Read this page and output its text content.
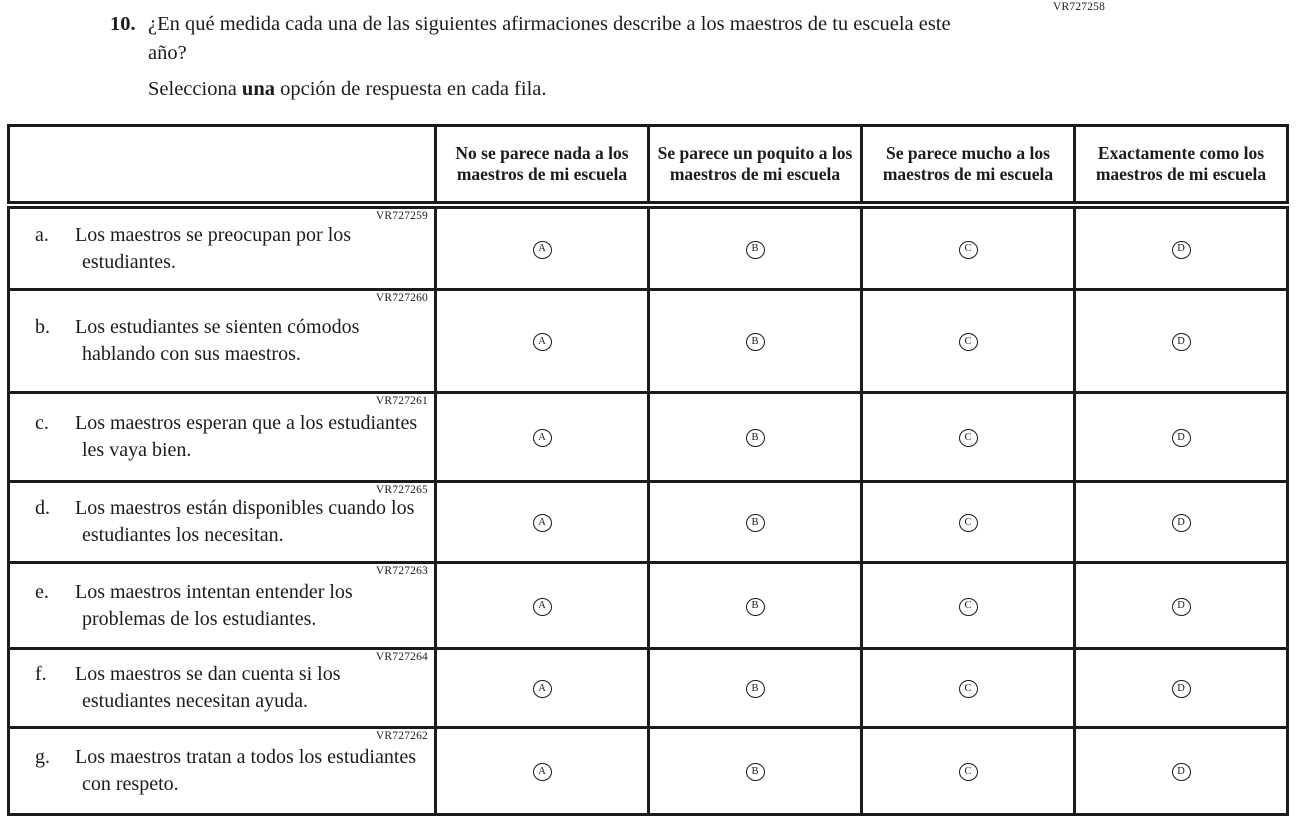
VR727258
10. ¿En qué medida cada una de las siguientes afirmaciones describe a los maestros de tu escuela este año?
Selecciona una opción de respuesta en cada fila.
	No se parece nada a los maestros de mi escuela	Se parece un poquito a los maestros de mi escuela	Se parece mucho a los maestros de mi escuela	Exactamente como los maestros de mi escuela

VR727259

a. Los maestros se preocupan por los estudiantes.	A	B	C	D

VR727260

b. Los estudiantes se sienten cómodos hablando con sus maestros.	A	B	C	D

VR727261

c. Los maestros esperan que a los estudiantes les vaya bien.	A	B	C	D

VR727265

d. Los maestros están disponibles cuando los estudiantes los necesitan.	A	B	C	D

VR727263

e. Los maestros intentan entender los problemas de los estudiantes.	A	B	C	D

VR727264

f. Los maestros se dan cuenta si los estudiantes necesitan ayuda.	A	B	C	D

VR727262

g. Los maestros tratan a todos los estudiantes con respeto.	A	B	C	D
